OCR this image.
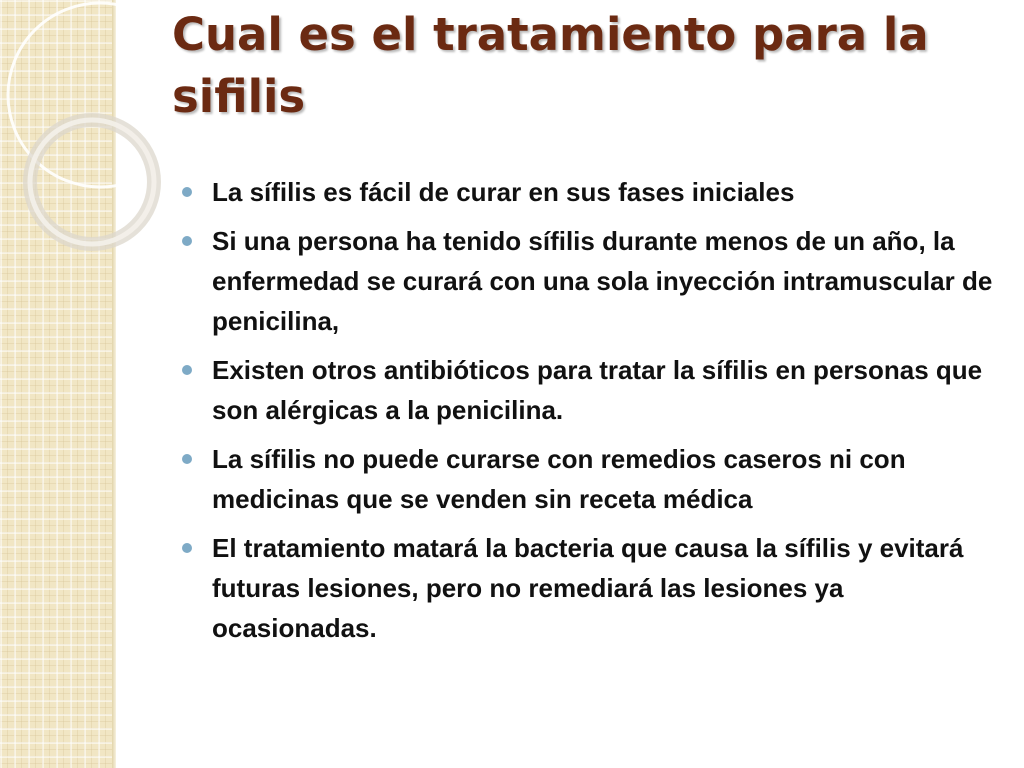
Cual es el tratamiento para la sifilis
La sífilis es fácil de curar en sus fases iniciales
Si una persona ha tenido sífilis durante menos de un año, la enfermedad se curará con una sola inyección intramuscular de penicilina,
Existen otros antibióticos para tratar la sífilis en personas que son alérgicas a la penicilina.
La sífilis no puede curarse con remedios caseros ni con medicinas que se venden sin receta médica
El tratamiento matará la bacteria que causa la sífilis y evitará futuras lesiones, pero no remediará las lesiones ya ocasionadas.
